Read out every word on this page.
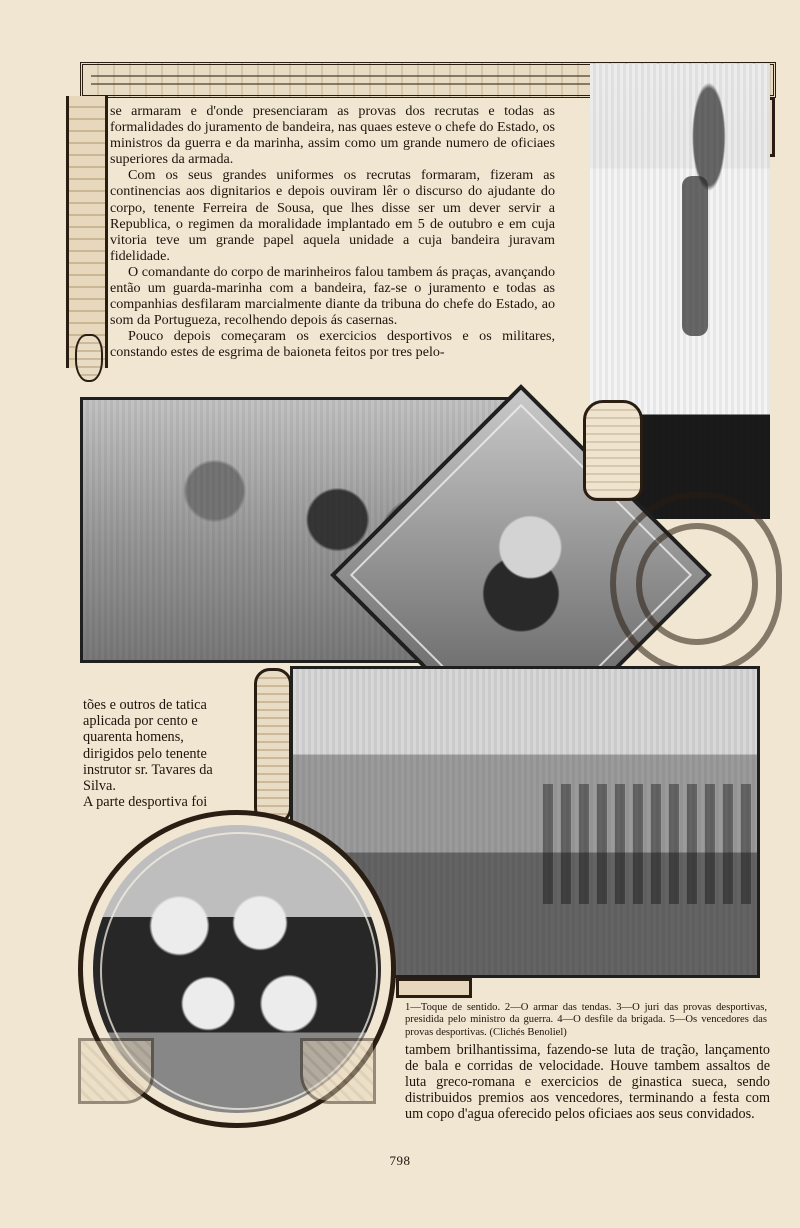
se armaram e d'onde presenciaram as provas dos recrutas e todas as formalidades do juramento de bandeira, nas quaes esteve o chefe do Estado, os ministros da guerra e da marinha, assim como um grande numero de oficiaes superiores da armada.

Com os seus grandes uniformes os recrutas formaram, fizeram as continencias aos dignitarios e depois ouviram lêr o discurso do ajudante do corpo, tenente Ferreira de Sousa, que lhes disse ser um dever servir a Republica, o regimen da moralidade implantado em 5 de outubro e em cuja vitoria teve um grande papel aquela unidade a cuja bandeira juravam fidelidade.

O comandante do corpo de marinheiros falou tambem ás praças, avançando então um guarda-marinha com a bandeira, faz-se o juramento e todas as companhias desfilaram marcialmente diante da tribuna do chefe do Estado, ao som da Portugueza, recolhendo depois ás casernas.

Pouco depois começaram os exercicios desportivos e os militares, constando estes de esgrima de baioneta feitos por tres pelo-

tões e outros de tatica aplicada por cento e quarenta homens, dirigidos pelo tenente instrutor sr. Tavares da Silva.

A parte desportiva foi

1—Toque de sentido. 2—O armar das tendas. 3—O juri das provas desportivas, presidida pelo ministro da guerra. 4—O desfile da brigada. 5—Os vencedores das provas desportivas. (Clichés Benoliel)
tambem brilhantissima, fazendo-se luta de tração, lançamento de bala e corridas de velocidade. Houve tambem assaltos de luta greco-romana e exercicios de ginastica sueca, sendo distribuidos premios aos vencedores, terminando a festa com um copo d'agua oferecido pelos oficiaes aos seus convidados.
798
